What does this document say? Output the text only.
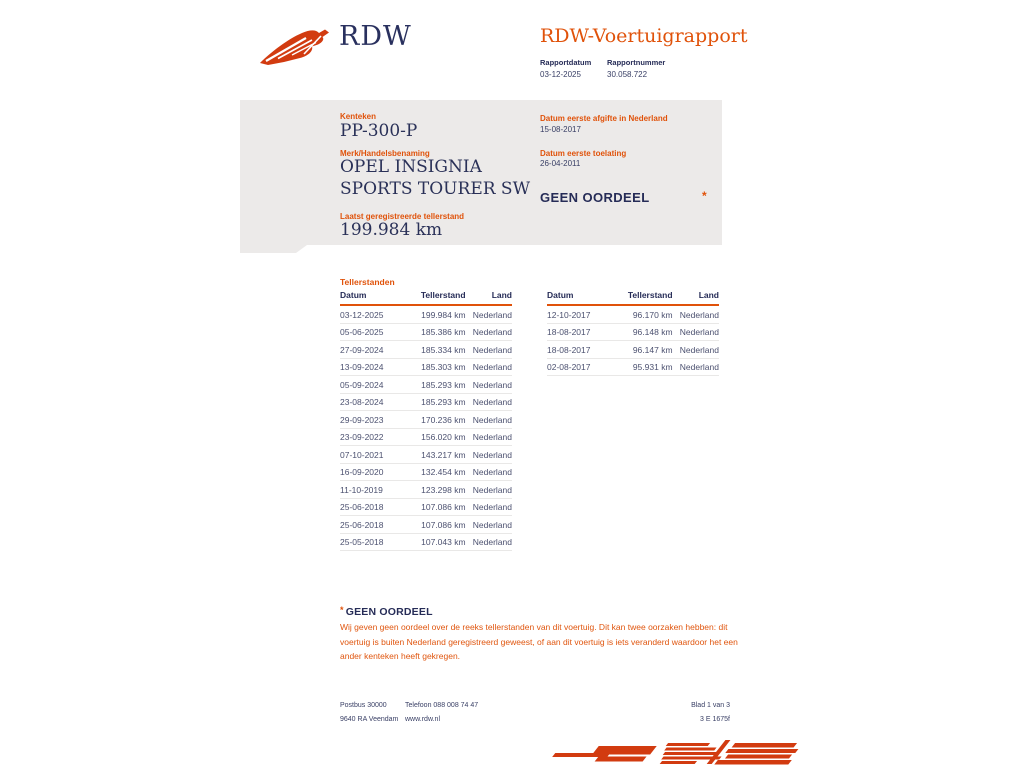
RDW	RDW-Voertuigrapport
Rapportdatum Rapportnummer
03-12-2025	30.058.722
Kenteken
PP-300-P
Merk/Handelsbenaming
OPEL INSIGNIA
SPORTS TOURER SW
Laatst geregistreerde tellerstand
199.984 km
Datum eerste afgifte in Nederland
15-08-2017
Datum eerste toelating
26-04-2011
GEEN OORDEEL	*
Tellerstanden
Datum	Tellerstand	Land
03-12-2025	199.984 km	Nederland
05-06-2025	185.386 km	Nederland
27-09-2024	185.334 km	Nederland
13-09-2024	185.303 km	Nederland
05-09-2024	185.293 km	Nederland
23-08-2024	185.293 km	Nederland
29-09-2023	170.236 km	Nederland
23-09-2022	156.020 km	Nederland
07-10-2021	143.217 km	Nederland
16-09-2020	132.454 km	Nederland
11-10-2019	123.298 km	Nederland
25-06-2018	107.086 km	Nederland
25-06-2018	107.086 km	Nederland
25-05-2018	107.043 km	Nederland
Datum	Tellerstand	Land
12-10-2017	96.170 km	Nederland
18-08-2017	96.148 km	Nederland
18-08-2017	96.147 km	Nederland
02-08-2017	95.931 km	Nederland
* GEEN OORDEEL
Wij geven geen oordeel over de reeks tellerstanden van dit voertuig. Dit kan twee oorzaken hebben: dit voertuig is buiten Nederland geregistreerd geweest, of aan dit voertuig is iets veranderd waardoor het een ander kenteken heeft gekregen.
Postbus 30000
9640 RA Veendam
Telefoon 088 008 74 47
www.rdw.nl
Blad 1 van 3
3 E 1675f
